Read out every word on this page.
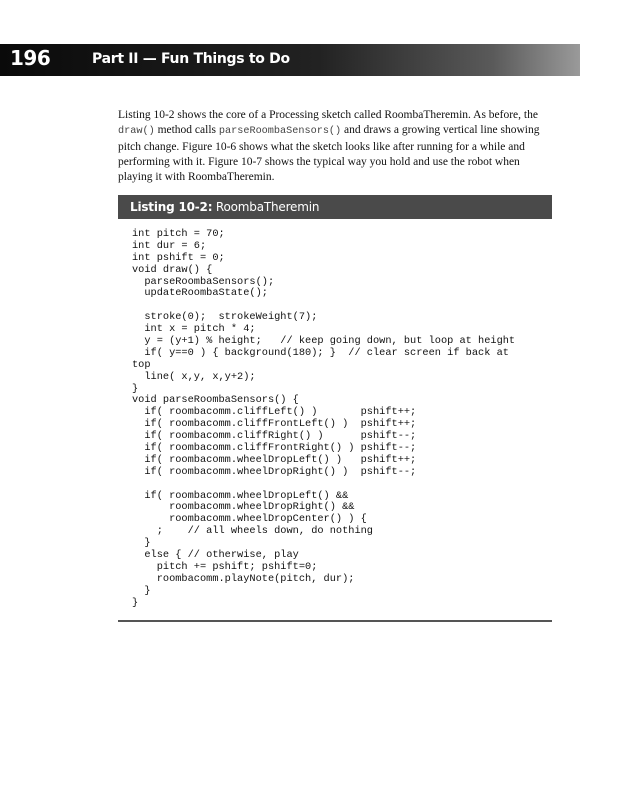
196	Part II — Fun Things to Do

Listing 10-2 shows the core of a Processing sketch called RoombaTheremin. As before, the draw() method calls parseRoombaSensors() and draws a growing vertical line showing pitch change. Figure 10-6 shows what the sketch looks like after running for a while and performing with it. Figure 10-7 shows the typical way you hold and use the robot when playing it with RoombaTheremin.

Listing 10-2: RoombaTheremin
int pitch = 70;
int dur = 6;
int pshift = 0;
void draw() {
parseRoombaSensors();
updateRoombaState();
stroke(0);  strokeWeight(7);
int x = pitch * 4;
y = (y+1) % height;   // keep going down, but loop at height
if( y==0 ) { background(180); }  // clear screen if back at
top
line( x,y, x,y+2);
}
void parseRoombaSensors() {
if( roombacomm.cliffLeft() )       pshift++;
if( roombacomm.cliffFrontLeft() )  pshift++;
if( roombacomm.cliffRight() )      pshift--;
if( roombacomm.cliffFrontRight() ) pshift--;
if( roombacomm.wheelDropLeft() )   pshift++;
if( roombacomm.wheelDropRight() )  pshift--;
if( roombacomm.wheelDropLeft() &&
roombacomm.wheelDropRight() &&
roombacomm.wheelDropCenter() ) {
;    // all wheels down, do nothing
}
else { // otherwise, play
pitch += pshift; pshift=0;
roombacomm.playNote(pitch, dur);
}
}
